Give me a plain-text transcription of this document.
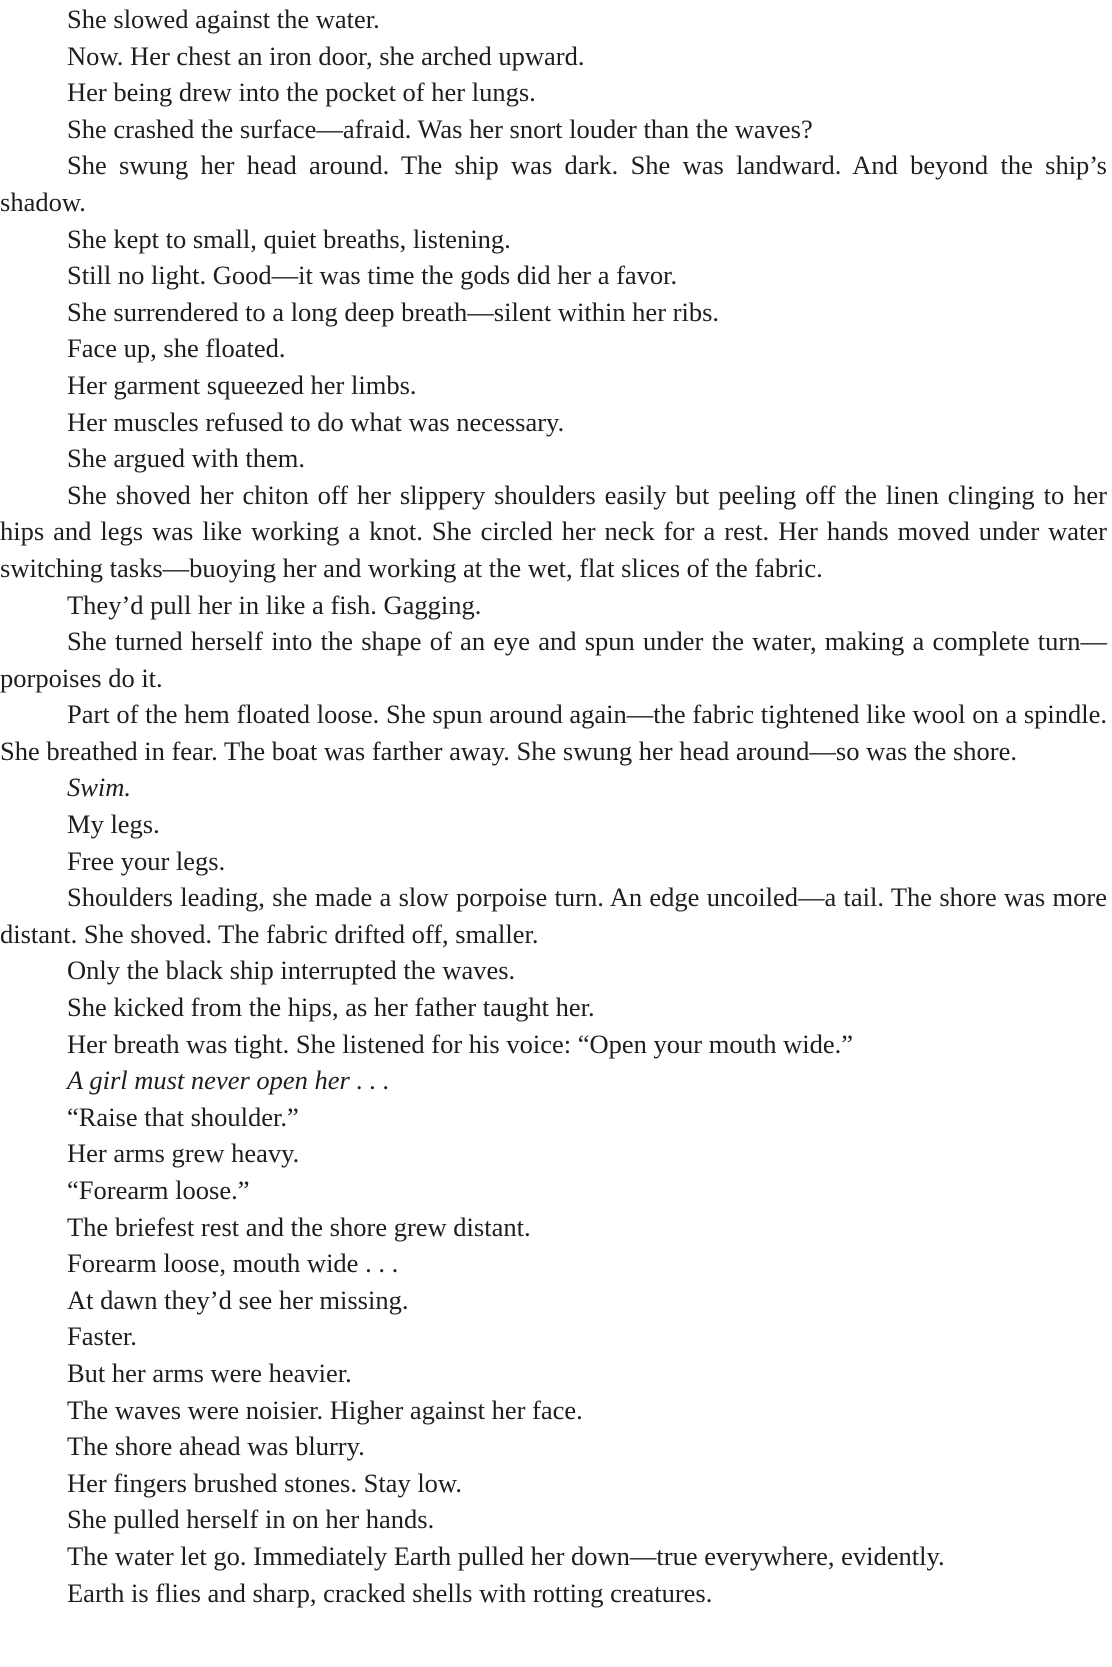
She slowed against the water.

Now. Her chest an iron door, she arched upward.

Her being drew into the pocket of her lungs.

She crashed the surface—afraid. Was her snort louder than the waves?

She swung her head around. The ship was dark. She was landward. And beyond the ship’s shadow.

She kept to small, quiet breaths, listening.

Still no light. Good—it was time the gods did her a favor.

She surrendered to a long deep breath—silent within her ribs.

Face up, she floated.

Her garment squeezed her limbs.

Her muscles refused to do what was necessary.

She argued with them.

She shoved her chiton off her slippery shoulders easily but peeling off the linen clinging to her hips and legs was like working a knot. She circled her neck for a rest. Her hands moved under water switching tasks—buoying her and working at the wet, flat slices of the fabric.

They’d pull her in like a fish. Gagging.

She turned herself into the shape of an eye and spun under the water, making a complete turn—porpoises do it.

Part of the hem floated loose. She spun around again—the fabric tightened like wool on a spindle. She breathed in fear. The boat was farther away. She swung her head around—so was the shore.

Swim.

My legs.

Free your legs.

Shoulders leading, she made a slow porpoise turn. An edge uncoiled—a tail. The shore was more distant. She shoved. The fabric drifted off, smaller.

Only the black ship interrupted the waves.

She kicked from the hips, as her father taught her.

Her breath was tight. She listened for his voice: “Open your mouth wide.”

A girl must never open her . . .

“Raise that shoulder.”

Her arms grew heavy.

“Forearm loose.”

The briefest rest and the shore grew distant.

Forearm loose, mouth wide . . .

At dawn they’d see her missing.

Faster.

But her arms were heavier.

The waves were noisier. Higher against her face.

The shore ahead was blurry.

Her fingers brushed stones. Stay low.

She pulled herself in on her hands.

The water let go. Immediately Earth pulled her down—true everywhere, evidently.

Earth is flies and sharp, cracked shells with rotting creatures.
